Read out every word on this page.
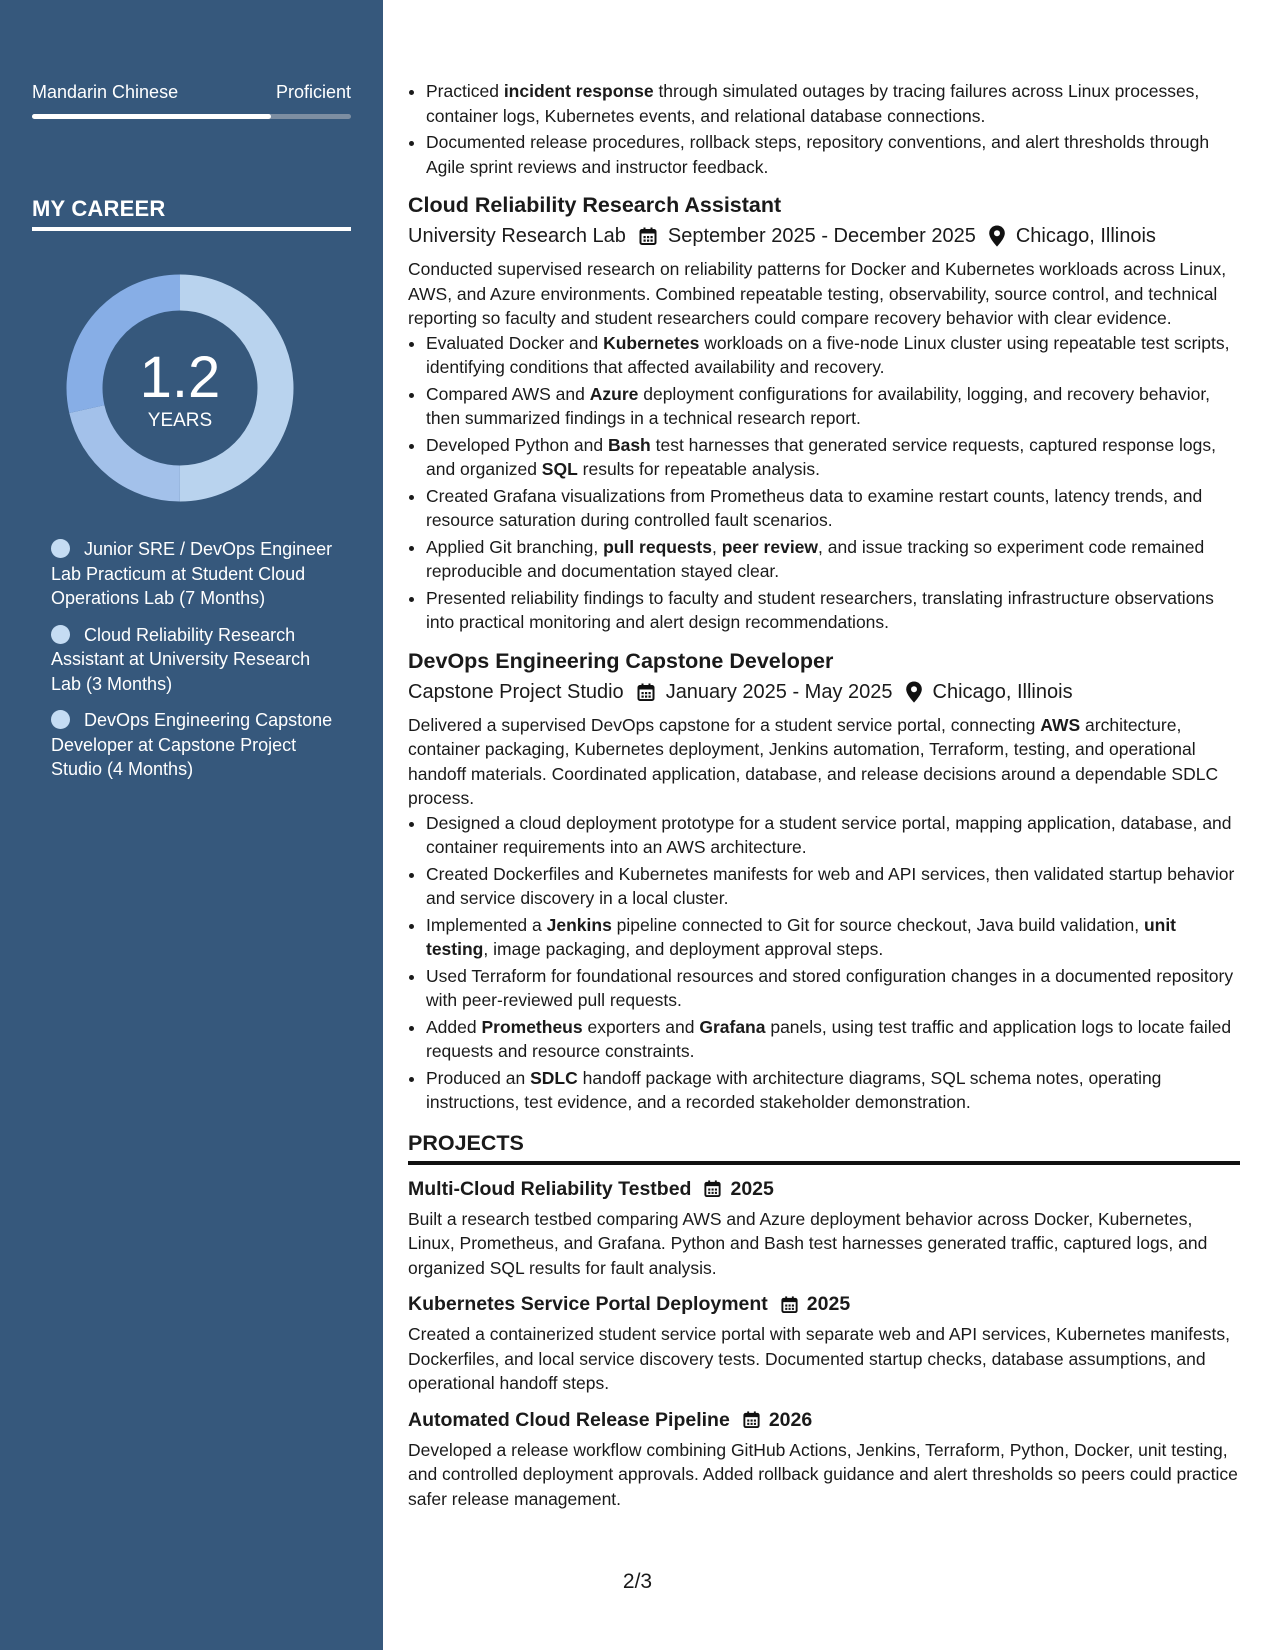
Mandarin Chinese	Proficient
MY CAREER
1.2
YEARS
Junior SRE / DevOps Engineer Lab Practicum at Student Cloud Operations Lab (7 Months)
Cloud Reliability Research Assistant at University Research Lab (3 Months)
DevOps Engineering Capstone Developer at Capstone Project Studio (4 Months)
• Practiced incident response through simulated outages by tracing failures across Linux processes, container logs, Kubernetes events, and relational database connections.
• Documented release procedures, rollback steps, repository conventions, and alert thresholds through Agile sprint reviews and instructor feedback.
Cloud Reliability Research Assistant
University Research Lab September 2025 - December 2025 Chicago, Illinois

Conducted supervised research on reliability patterns for Docker and Kubernetes workloads across Linux, AWS, and Azure environments. Combined repeatable testing, observability, source control, and technical reporting so faculty and student researchers could compare recovery behavior with clear evidence.

• Evaluated Docker and Kubernetes workloads on a five-node Linux cluster using repeatable test scripts, identifying conditions that affected availability and recovery.
• Compared AWS and Azure deployment configurations for availability, logging, and recovery behavior, then summarized findings in a technical research report.
• Developed Python and Bash test harnesses that generated service requests, captured response logs, and organized SQL results for repeatable analysis.
• Created Grafana visualizations from Prometheus data to examine restart counts, latency trends, and resource saturation during controlled fault scenarios.
• Applied Git branching, pull requests, peer review, and issue tracking so experiment code remained reproducible and documentation stayed clear.
• Presented reliability findings to faculty and student researchers, translating infrastructure observations into practical monitoring and alert design recommendations.
DevOps Engineering Capstone Developer
Capstone Project Studio January 2025 - May 2025 Chicago, Illinois

Delivered a supervised DevOps capstone for a student service portal, connecting AWS architecture, container packaging, Kubernetes deployment, Jenkins automation, Terraform, testing, and operational handoff materials. Coordinated application, database, and release decisions around a dependable SDLC process.

• Designed a cloud deployment prototype for a student service portal, mapping application, database, and container requirements into an AWS architecture.
• Created Dockerfiles and Kubernetes manifests for web and API services, then validated startup behavior and service discovery in a local cluster.
• Implemented a Jenkins pipeline connected to Git for source checkout, Java build validation, unit testing, image packaging, and deployment approval steps.
• Used Terraform for foundational resources and stored configuration changes in a documented repository with peer-reviewed pull requests.
• Added Prometheus exporters and Grafana panels, using test traffic and application logs to locate failed requests and resource constraints.
• Produced an SDLC handoff package with architecture diagrams, SQL schema notes, operating instructions, test evidence, and a recorded stakeholder demonstration.
PROJECTS
Multi-Cloud Reliability Testbed 2025

Built a research testbed comparing AWS and Azure deployment behavior across Docker, Kubernetes, Linux, Prometheus, and Grafana. Python and Bash test harnesses generated traffic, captured logs, and organized SQL results for fault analysis.

Kubernetes Service Portal Deployment 2025

Created a containerized student service portal with separate web and API services, Kubernetes manifests, Dockerfiles, and local service discovery tests. Documented startup checks, database assumptions, and operational handoff steps.

Automated Cloud Release Pipeline 2026

Developed a release workflow combining GitHub Actions, Jenkins, Terraform, Python, Docker, unit testing, and controlled deployment approvals. Added rollback guidance and alert thresholds so peers could practice safer release management.

2/3
